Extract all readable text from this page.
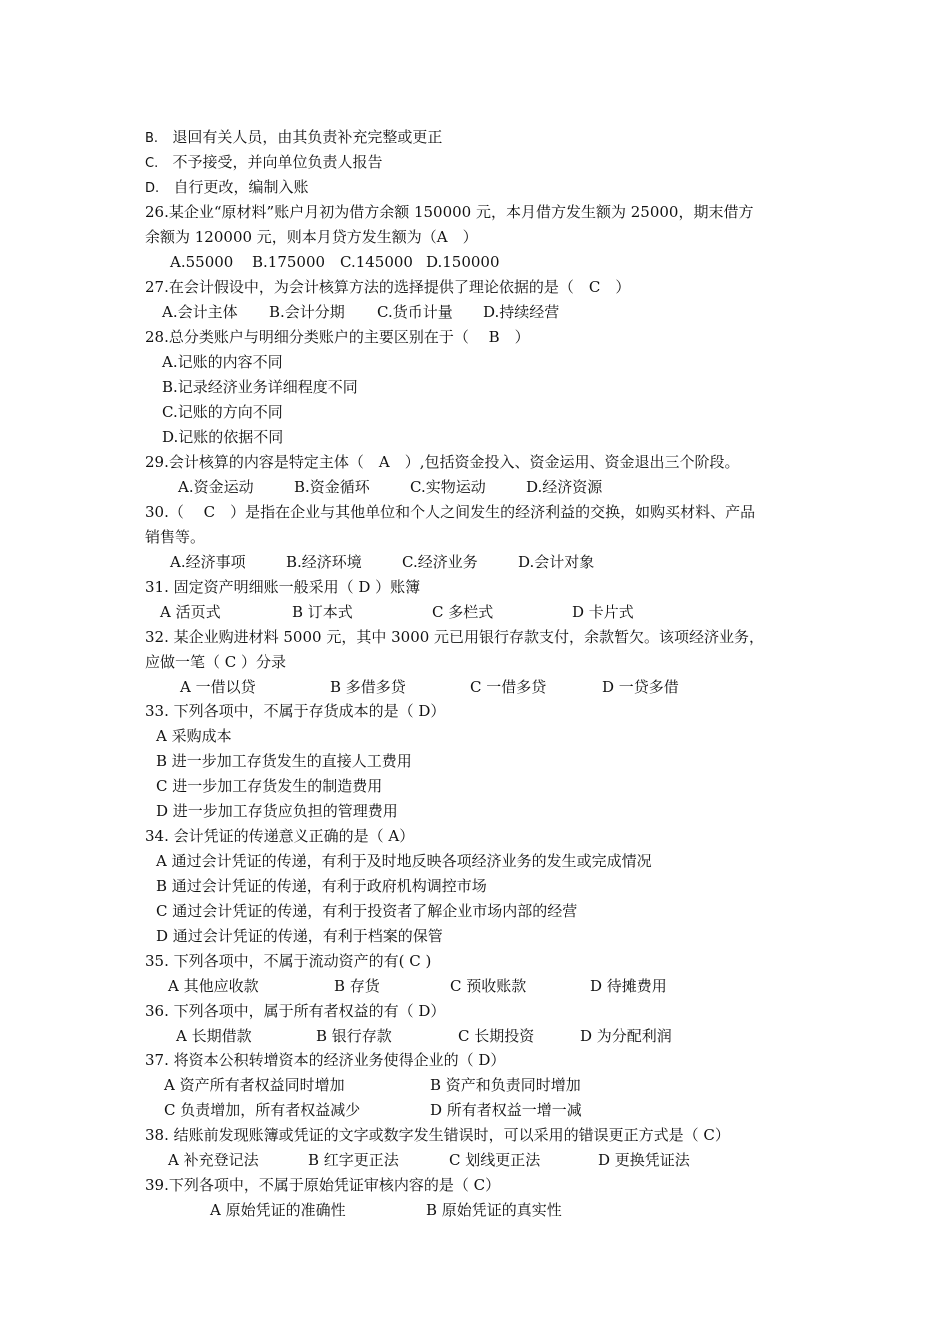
B. 退回有关人员，由其负责补充完整或更正
C. 不予接受，并向单位负责人报告
D. 自行更改，编制入账
26.某企业“原材料”账户月初为借方余额 150000 元，本月借方发生额为 25000，期末借方
余额为 120000 元，则本月贷方发生额为（A　）
A.55000 B.175000 C.145000 D.150000
27.在会计假设中，为会计核算方法的选择提供了理论依据的是（　C　）
A.会计主体 B.会计分期 C.货币计量 D.持续经营
28.总分类账户与明细分类账户的主要区别在于（　 B　）
A.记账的内容不同
B.记录经济业务详细程度不同
C.记账的方向不同
D.记账的依据不同
29.会计核算的内容是特定主体（　A　）,包括资金投入、资金运用、资金退出三个阶段。
A.资金运动	B.资金循环	C.实物运动	D.经济资源
30.（　 C　）是指在企业与其他单位和个人之间发生的经济利益的交换，如购买材料、产品
销售等。
A.经济事项	B.经济环境	C.经济业务	D.会计对象
31. 固定资产明细账一般采用（ D ）账簿
A 活页式	B 订本式	C 多栏式	D 卡片式
32. 某企业购进材料 5000 元，其中 3000 元已用银行存款支付，余款暂欠。该项经济业务，
应做一笔（ C ）分录
A 一借以贷	B 多借多贷	C 一借多贷	D 一贷多借
33. 下列各项中，不属于存货成本的是（ D）
A 采购成本
B 进一步加工存货发生的直接人工费用
C 进一步加工存货发生的制造费用
D 进一步加工存货应负担的管理费用
34. 会计凭证的传递意义正确的是（ A）
A 通过会计凭证的传递，有利于及时地反映各项经济业务的发生或完成情况
B 通过会计凭证的传递，有利于政府机构调控市场
C 通过会计凭证的传递，有利于投资者了解企业市场内部的经营
D 通过会计凭证的传递，有利于档案的保管
35. 下列各项中，不属于流动资产的有( C )
A 其他应收款	B 存货	C 预收账款	D 待摊费用
36. 下列各项中，属于所有者权益的有（ D）
A 长期借款	B 银行存款	C 长期投资	D 为分配利润
37. 将资本公积转增资本的经济业务使得企业的（ D）
A 资产所有者权益同时增加	B 资产和负责同时增加
C 负责增加，所有者权益减少	D 所有者权益一增一减
38. 结账前发现账簿或凭证的文字或数字发生错误时，可以采用的错误更正方式是（ C）
A 补充登记法	B 红字更正法	C 划线更正法	D 更换凭证法
39.下列各项中，不属于原始凭证审核内容的是（ C）
A 原始凭证的准确性	B 原始凭证的真实性
